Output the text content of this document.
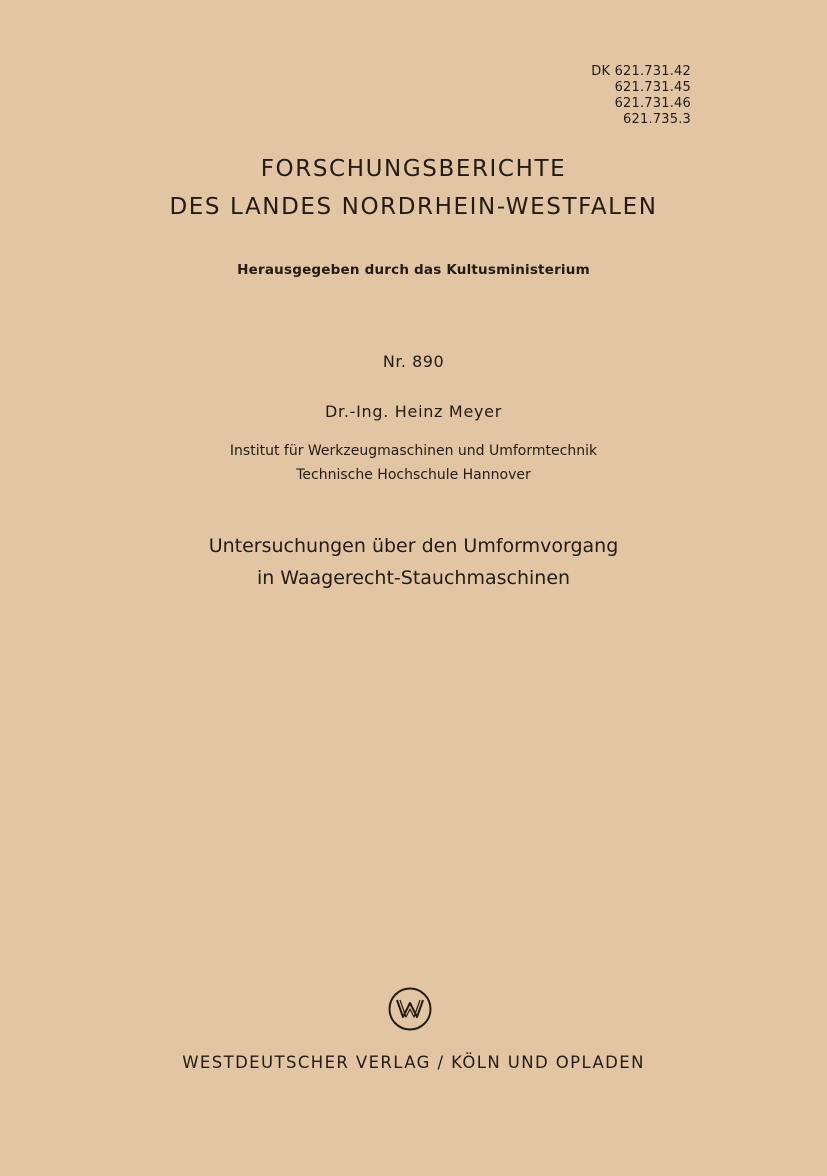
DK 621.731.42
621.731.45
621.731.46
621.735.3
FORSCHUNGSBERICHTE
DES LANDES NORDRHEIN-WESTFALEN
Herausgegeben durch das Kultusministerium
Nr. 890
Dr.-Ing. Heinz Meyer
Institut für Werkzeugmaschinen und Umformtechnik
Technische Hochschule Hannover
Untersuchungen über den Umformvorgang
in Waagerecht-Stauchmaschinen
WESTDEUTSCHER VERLAG / KÖLN UND OPLADEN
